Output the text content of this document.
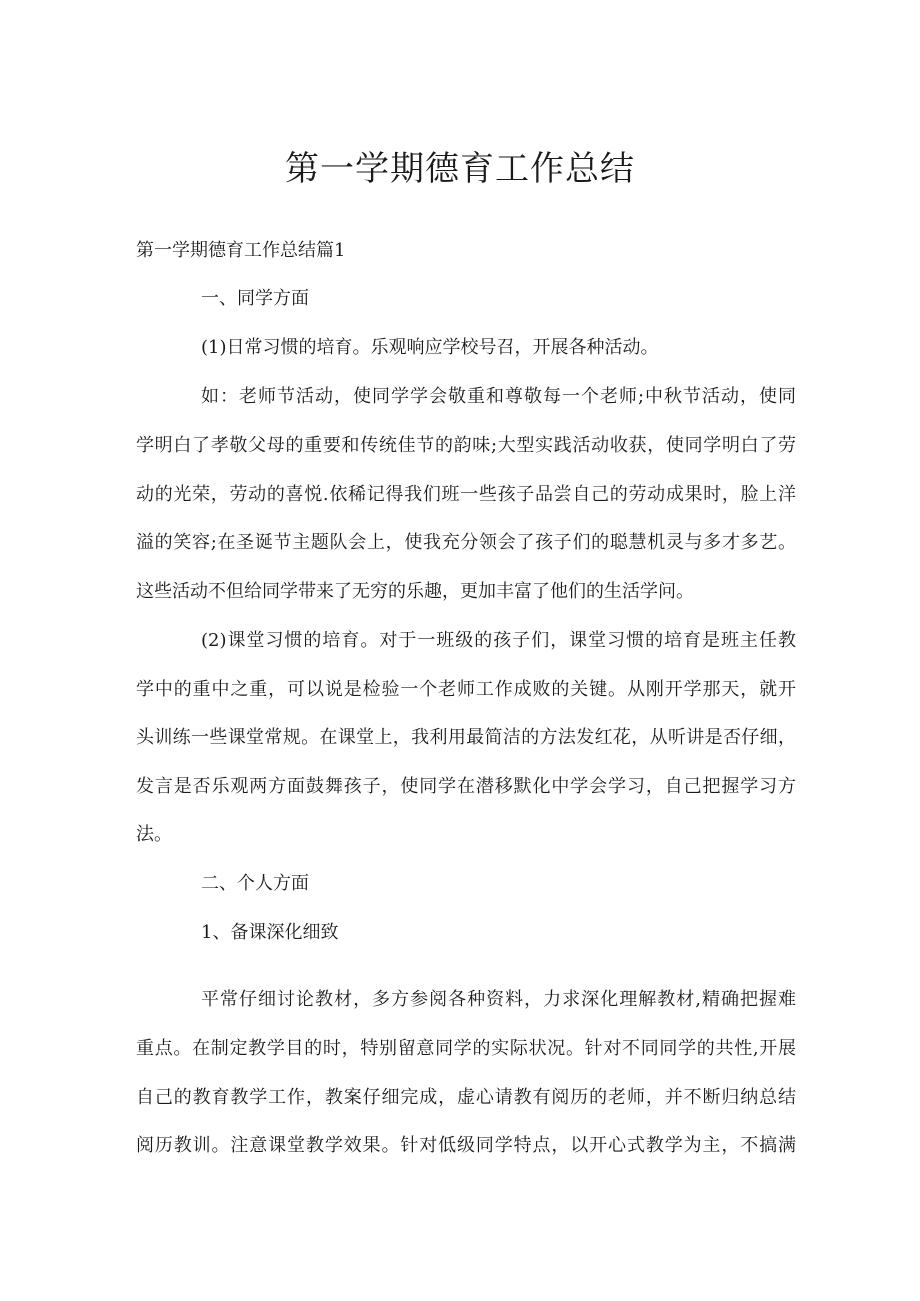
第一学期德育工作总结
第一学期德育工作总结篇1
一、同学方面
(1)日常习惯的培育。乐观响应学校号召，开展各种活动。
如：老师节活动，使同学学会敬重和尊敬每一个老师;中秋节活动，使同
学明白了孝敬父母的重要和传统佳节的韵味;大型实践活动收获，使同学明白了劳
动的光荣，劳动的喜悦.依稀记得我们班一些孩子品尝自己的劳动成果时，脸上洋
溢的笑容;在圣诞节主题队会上，使我充分领会了孩子们的聪慧机灵与多才多艺。
这些活动不但给同学带来了无穷的乐趣，更加丰富了他们的生活学问。
(2)课堂习惯的培育。对于一班级的孩子们，课堂习惯的培育是班主任教
学中的重中之重，可以说是检验一个老师工作成败的关键。从刚开学那天，就开
头训练一些课堂常规。在课堂上，我利用最简洁的方法发红花，从听讲是否仔细，
发言是否乐观两方面鼓舞孩子，使同学在潜移默化中学会学习，自己把握学习方
法。
二、个人方面
1、备课深化细致
平常仔细讨论教材，多方参阅各种资料，力求深化理解教材,精确把握难
重点。在制定教学目的时，特别留意同学的实际状况。针对不同同学的共性,开展
自己的教育教学工作，教案仔细完成，虚心请教有阅历的老师，并不断归纳总结
阅历教训。注意课堂教学效果。针对低级同学特点，以开心式教学为主，不搞满
